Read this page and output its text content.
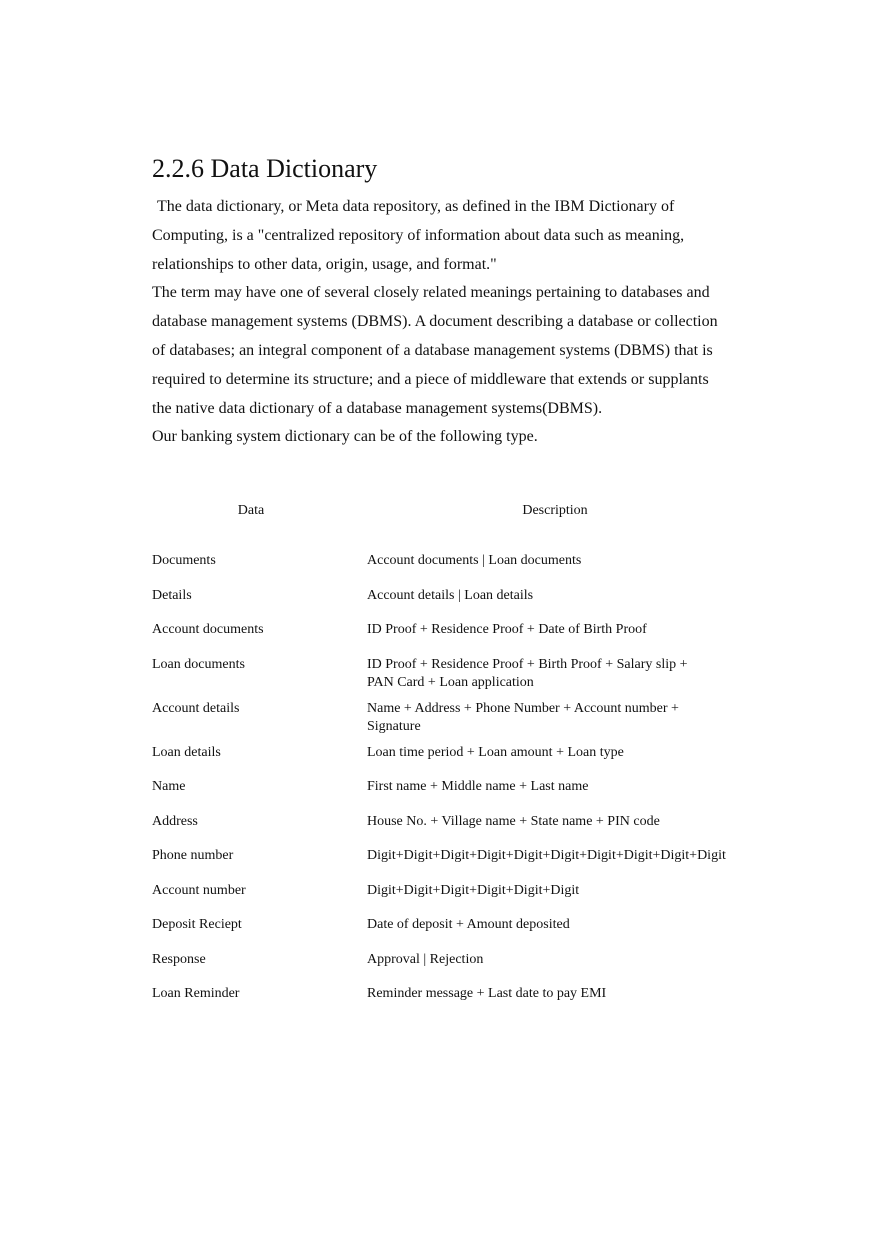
2.2.6 Data Dictionary

The data dictionary, or Meta data repository, as defined in the IBM Dictionary of Computing, is a "centralized repository of information about data such as meaning, relationships to other data, origin, usage, and format."

The term may have one of several closely related meanings pertaining to databases and database management systems (DBMS). A document describing a database or collection of databases; an integral component of a database management systems (DBMS) that is required to determine its structure; and a piece of middleware that extends or supplants the native data dictionary of a database management systems(DBMS).

Our banking system dictionary can be of the following type.

Data	Description
Documents	Account documents | Loan documents
Details	Account details | Loan details
Account documents	ID Proof + Residence Proof + Date of Birth Proof
Loan documents	ID Proof + Residence Proof + Birth Proof + Salary slip + PAN Card + Loan application
Account details	Name + Address + Phone Number + Account number + Signature
Loan details	Loan time period + Loan amount + Loan type
Name	First name + Middle name + Last name
Address	House No. + Village name + State name + PIN code
Phone number	Digit+Digit+Digit+Digit+Digit+Digit+Digit+Digit+Digit+Digit
Account number	Digit+Digit+Digit+Digit+Digit+Digit
Deposit Reciept	Date of deposit + Amount deposited
Response	Approval | Rejection
Loan Reminder	Reminder message + Last date to pay EMI
